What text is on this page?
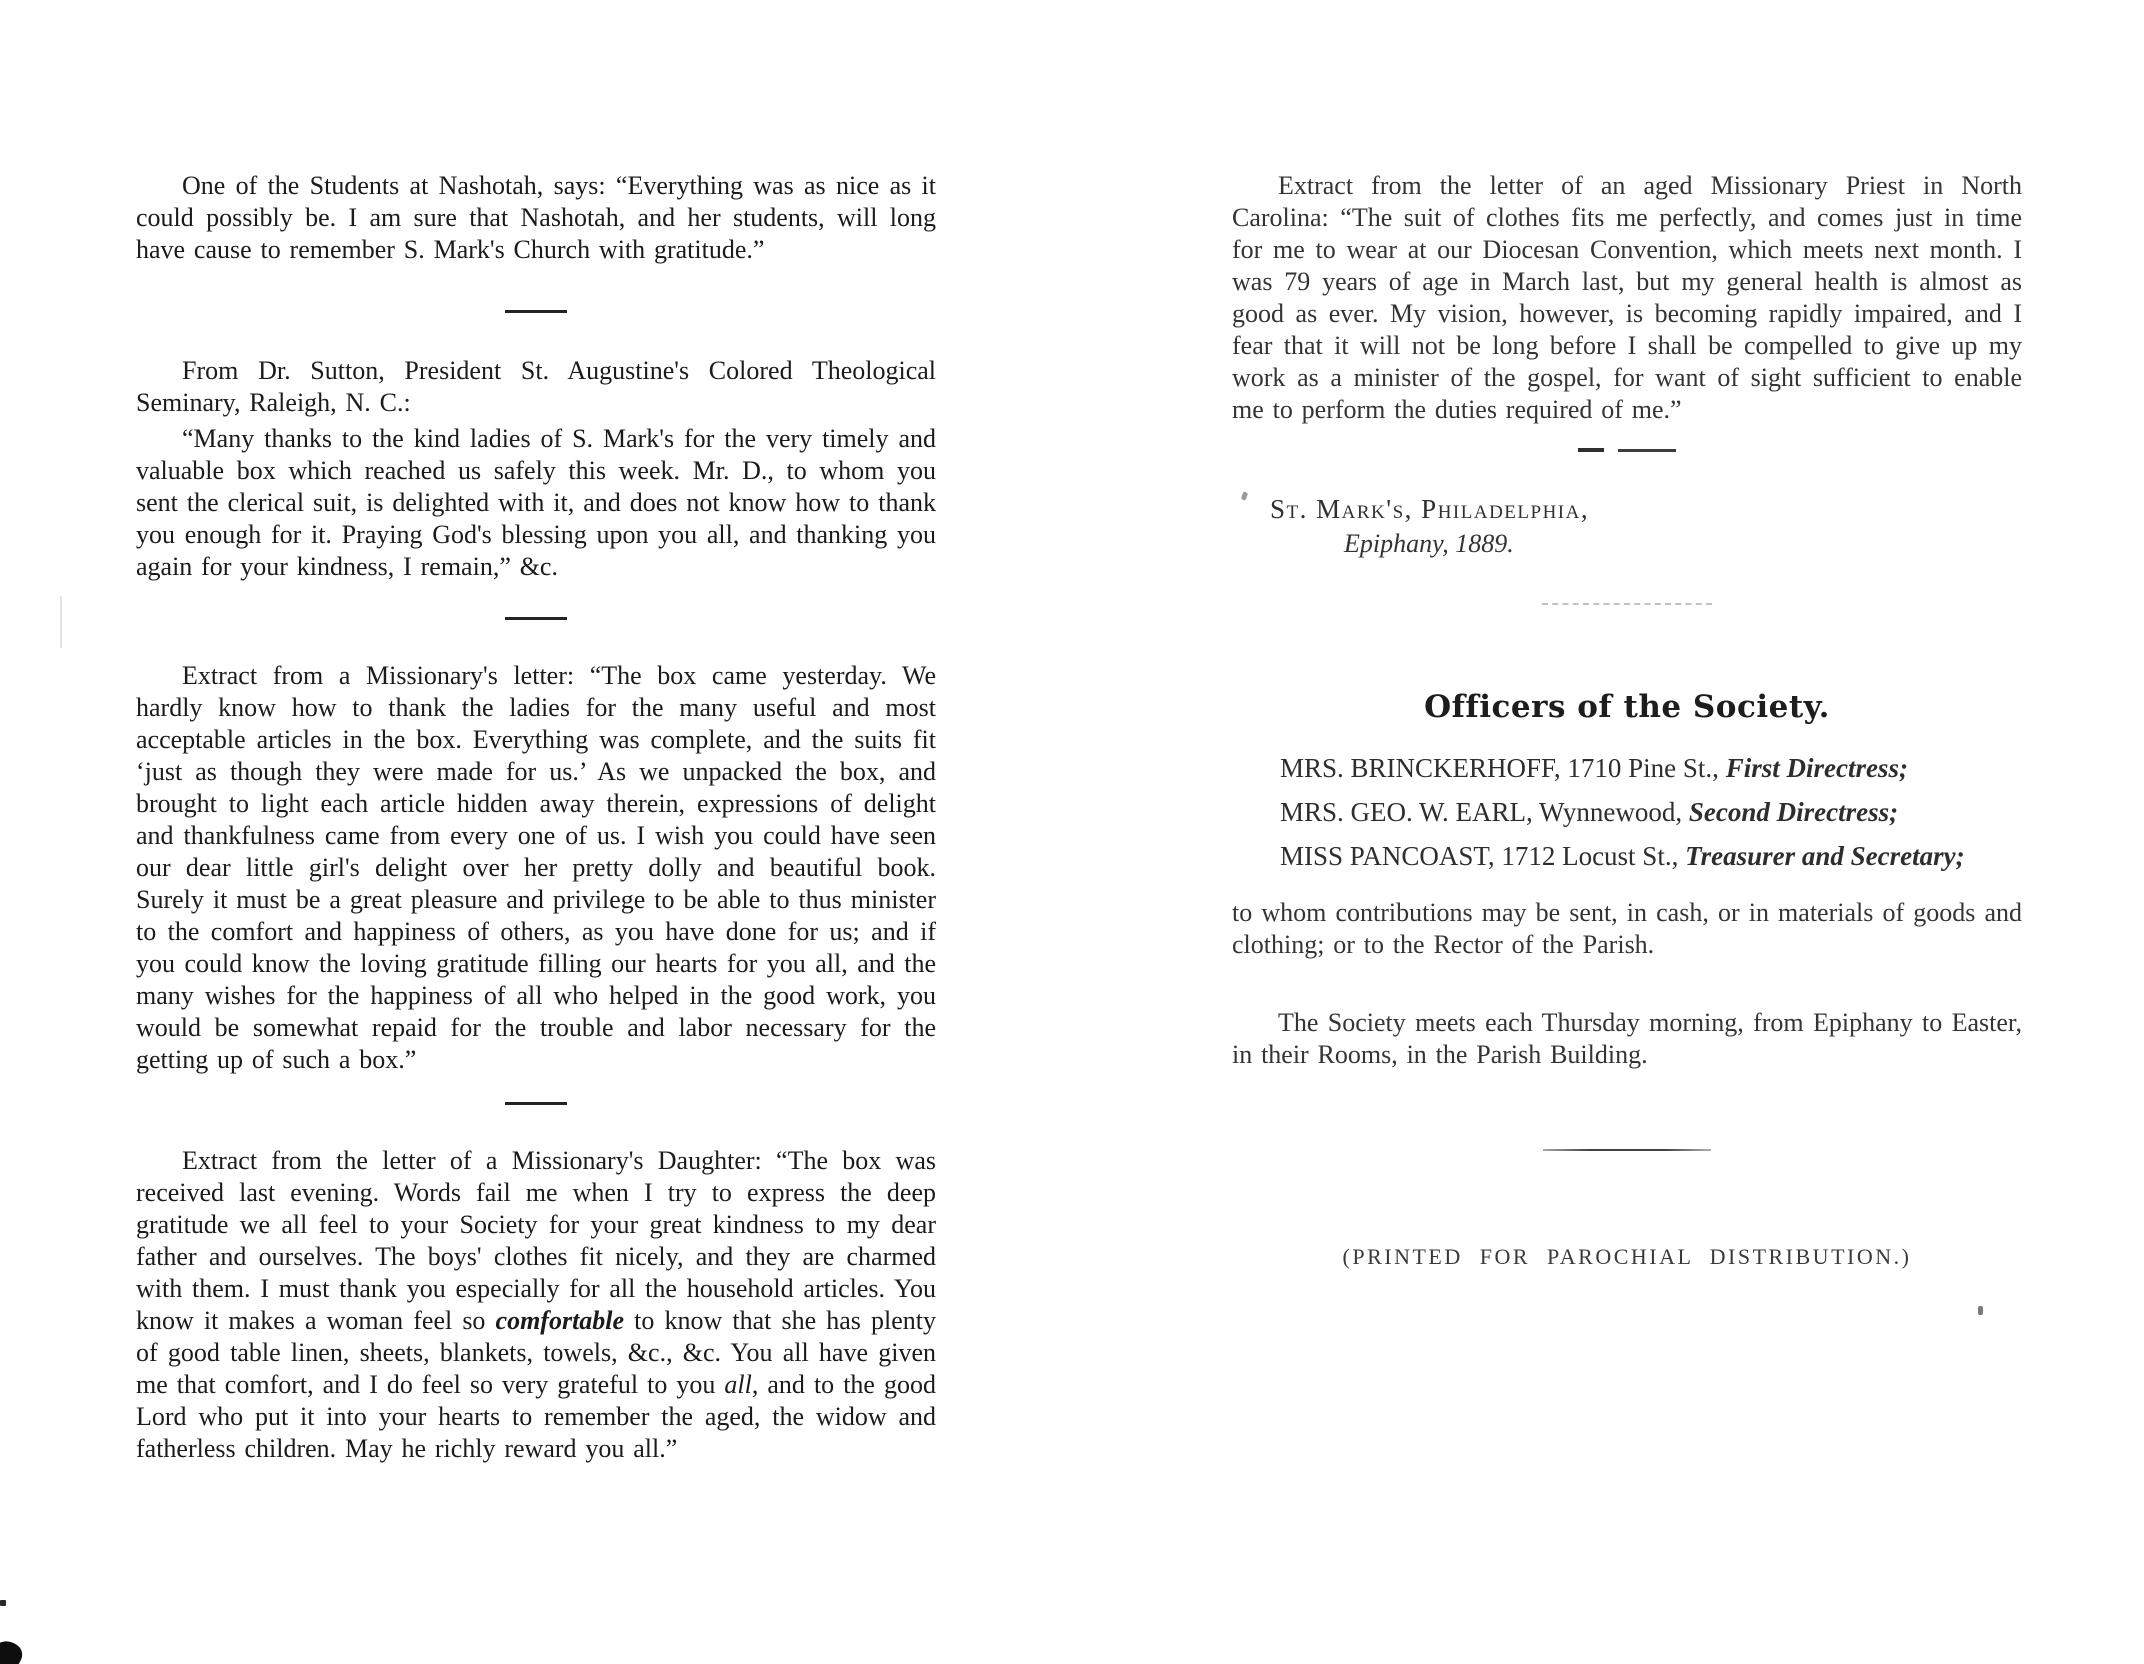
One of the Students at Nashotah, says: “Everything was as nice as it could possibly be. I am sure that Nashotah, and her students, will long have cause to remember S. Mark's Church with gratitude.”

From Dr. Sutton, President St. Augustine's Colored Theological Seminary, Raleigh, N. C.:

“Many thanks to the kind ladies of S. Mark's for the very timely and valuable box which reached us safely this week. Mr. D., to whom you sent the clerical suit, is delighted with it, and does not know how to thank you enough for it. Praying God's blessing upon you all, and thanking you again for your kindness, I remain,” &c.

Extract from a Missionary's letter: “The box came yesterday. We hardly know how to thank the ladies for the many useful and most acceptable articles in the box. Everything was complete, and the suits fit ‘just as though they were made for us.’ As we unpacked the box, and brought to light each article hidden away therein, expressions of delight and thankfulness came from every one of us. I wish you could have seen our dear little girl's delight over her pretty dolly and beautiful book. Surely it must be a great pleasure and privilege to be able to thus minister to the comfort and happiness of others, as you have done for us; and if you could know the loving gratitude filling our hearts for you all, and the many wishes for the happiness of all who helped in the good work, you would be somewhat repaid for the trouble and labor necessary for the getting up of such a box.”

Extract from the letter of a Missionary's Daughter: “The box was received last evening. Words fail me when I try to express the deep gratitude we all feel to your Society for your great kindness to my dear father and ourselves. The boys' clothes fit nicely, and they are charmed with them. I must thank you especially for all the household articles. You know it makes a woman feel so comfortable to know that she has plenty of good table linen, sheets, blankets, towels, &c., &c. You all have given me that comfort, and I do feel so very grateful to you all, and to the good Lord who put it into your hearts to remember the aged, the widow and fatherless children. May he richly reward you all.”

Extract from the letter of an aged Missionary Priest in North Carolina: “The suit of clothes fits me perfectly, and comes just in time for me to wear at our Diocesan Convention, which meets next month. I was 79 years of age in March last, but my general health is almost as good as ever. My vision, however, is becoming rapidly impaired, and I fear that it will not be long before I shall be compelled to give up my work as a minister of the gospel, for want of sight sufficient to enable me to perform the duties required of me.”

St. Mark's, Philadelphia,

Epiphany, 1889.

Officers of the Society.

MRS. BRINCKERHOFF, 1710 Pine St., First Directress;

MRS. GEO. W. EARL, Wynnewood, Second Directress;

MISS PANCOAST, 1712 Locust St., Treasurer and Secretary;

to whom contributions may be sent, in cash, or in materials of goods and clothing; or to the Rector of the Parish.

The Society meets each Thursday morning, from Epiphany to Easter, in their Rooms, in the Parish Building.

(PRINTED FOR PAROCHIAL DISTRIBUTION.)
